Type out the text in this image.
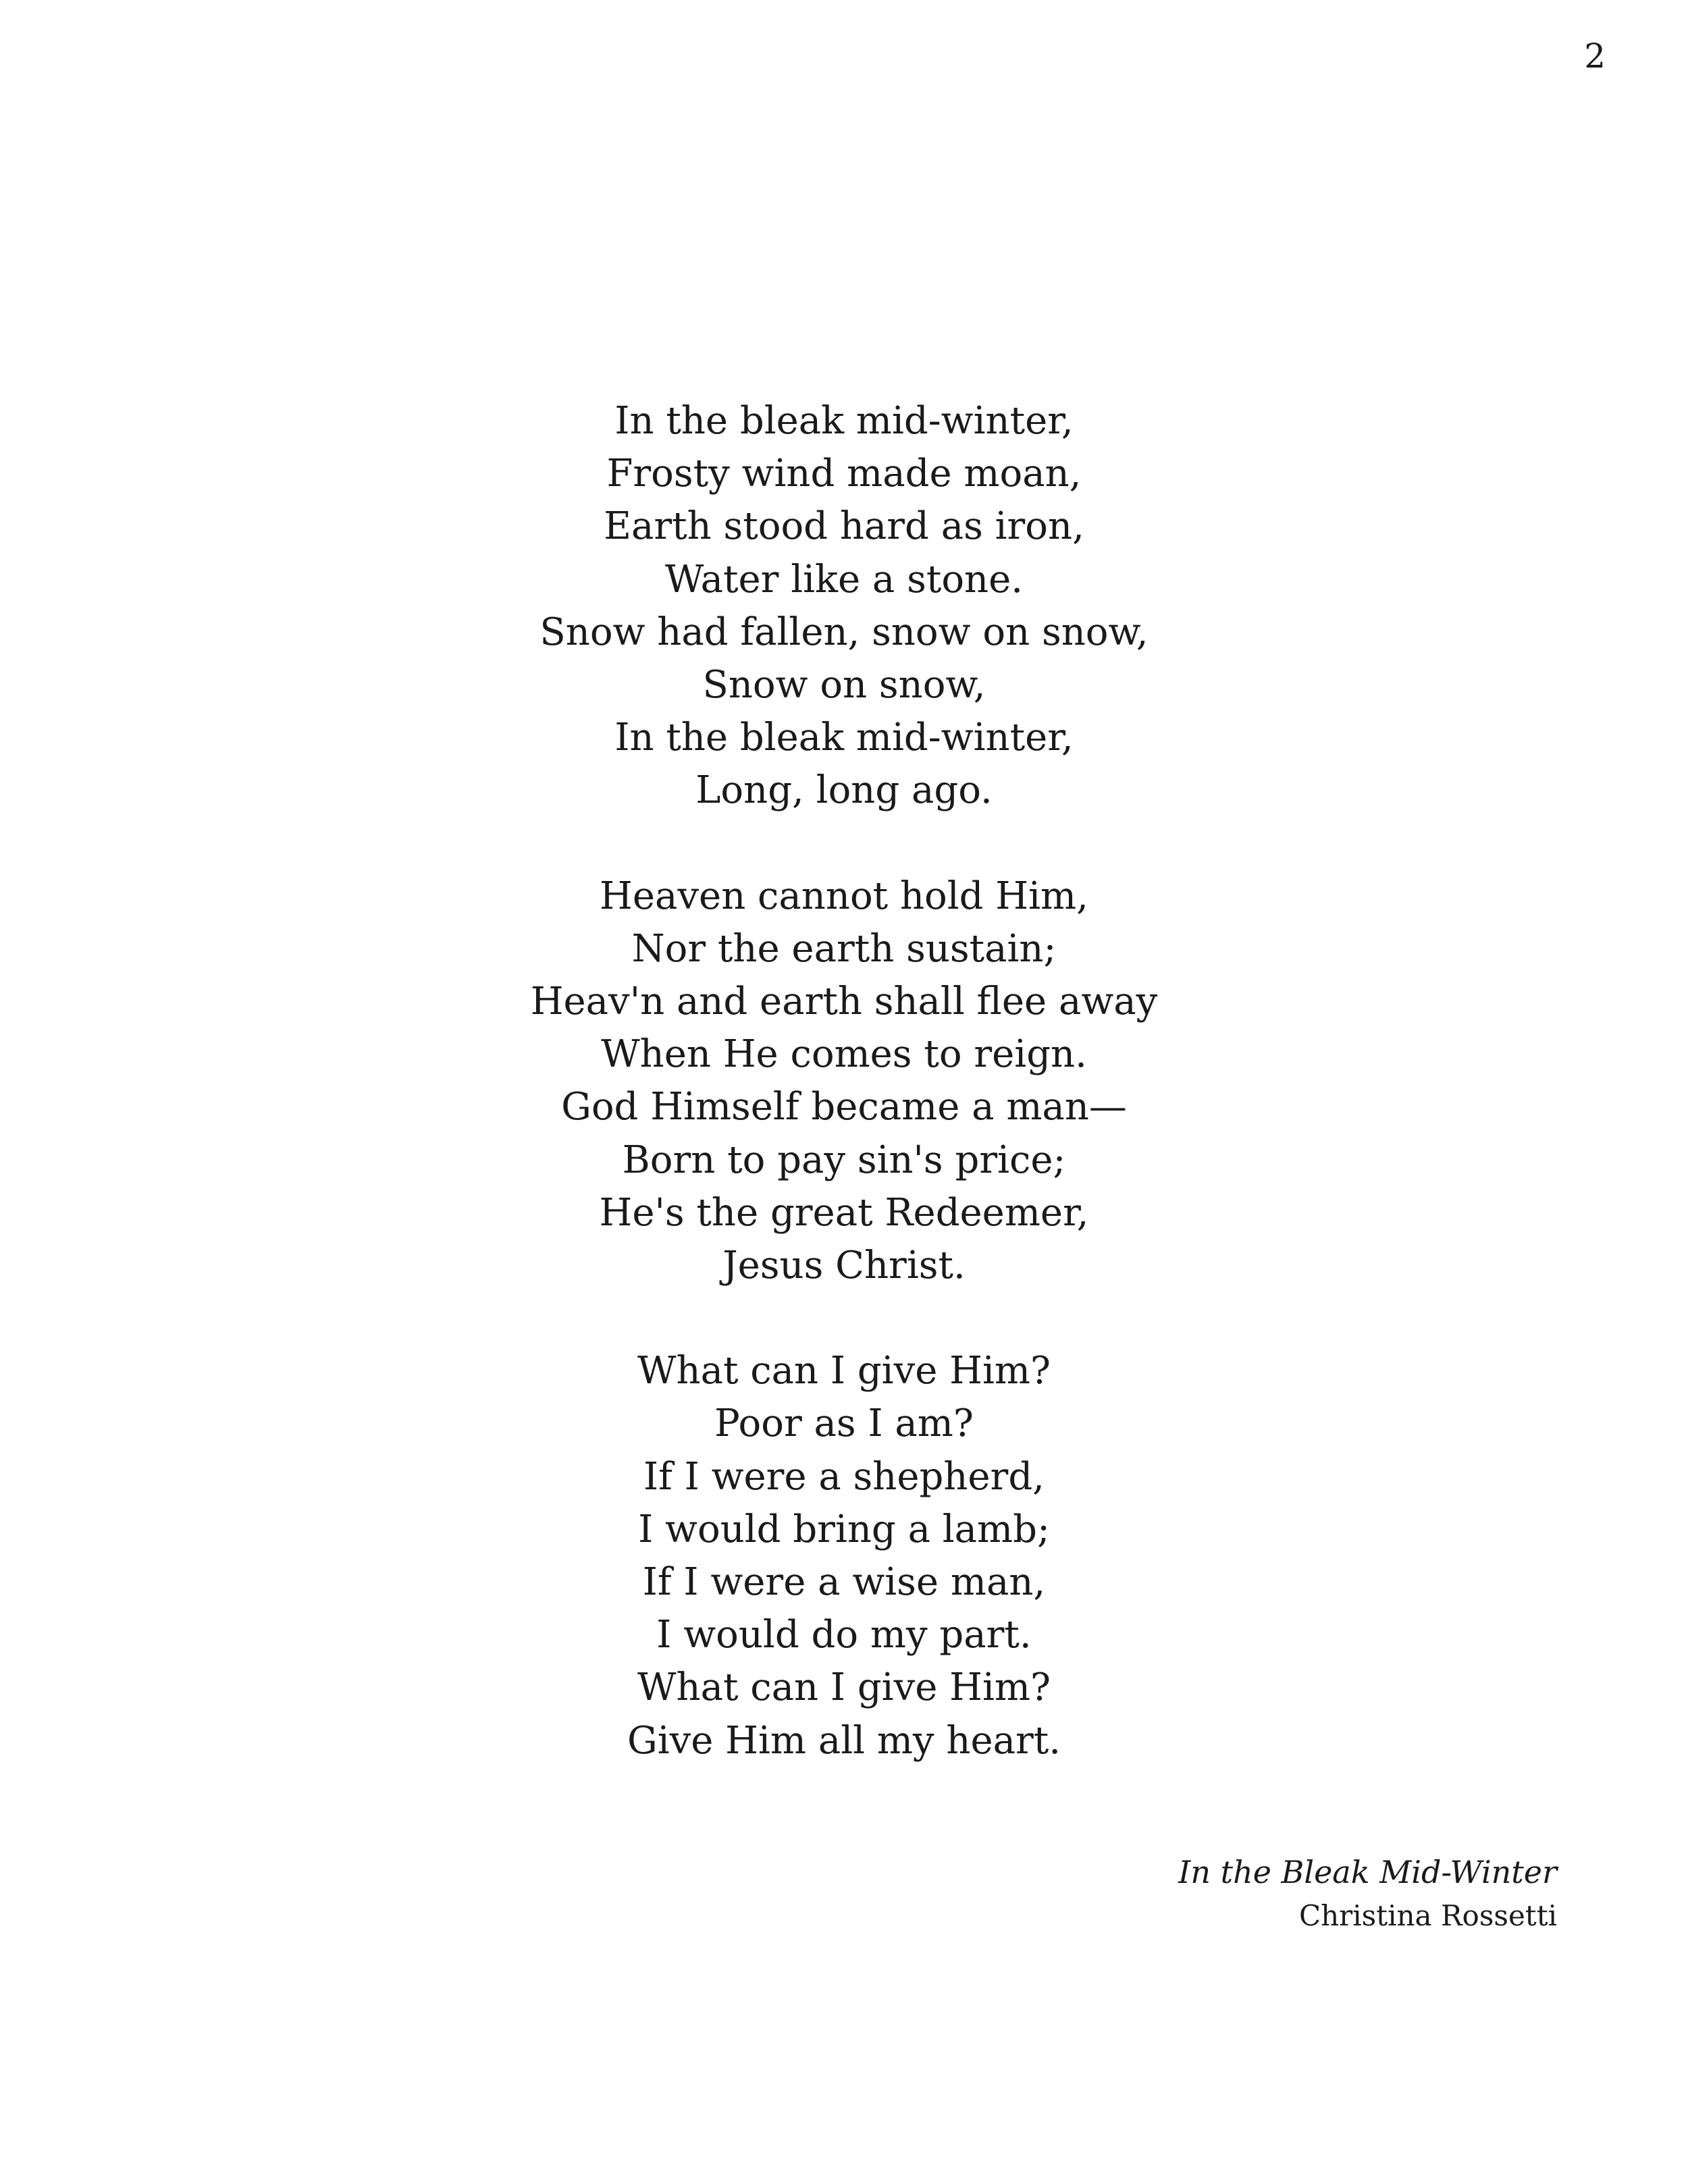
2
In the bleak mid-winter,
Frosty wind made moan,
Earth stood hard as iron,
Water like a stone.
Snow had fallen, snow on snow,
Snow on snow,
In the bleak mid-winter,
Long, long ago.
Heaven cannot hold Him,
Nor the earth sustain;
Heav'n and earth shall flee away
When He comes to reign.
God Himself became a man—
Born to pay sin's price;
He's the great Redeemer,
Jesus Christ.
What can I give Him?
Poor as I am?
If I were a shepherd,
I would bring a lamb;
If I were a wise man,
I would do my part.
What can I give Him?
Give Him all my heart.
In the Bleak Mid-Winter
Christina Rossetti
